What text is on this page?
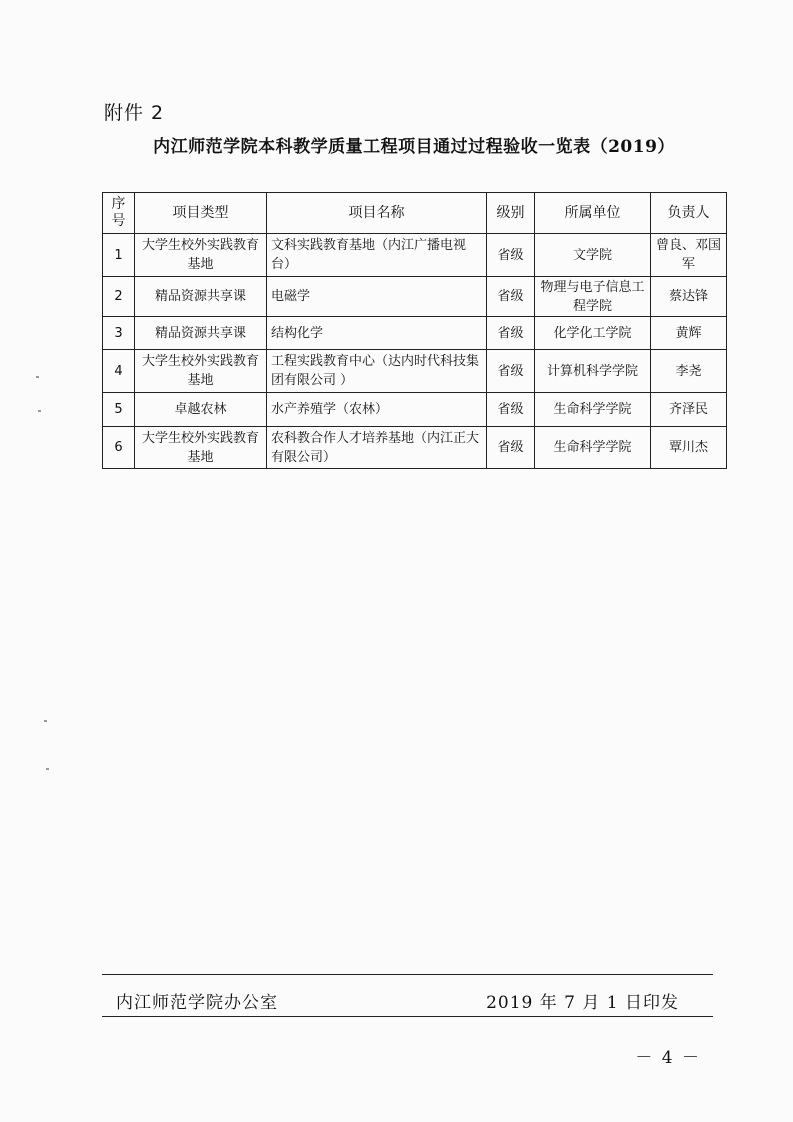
附件 2
内江师范学院本科教学质量工程项目通过过程验收一览表（2019）
序号	项目类型	项目名称	级别	所属单位	负责人
1	大学生校外实践教育基地	文科实践教育基地（内江广播电视台）	省级	文学院	曾良、邓国军
2	精品资源共享课	电磁学	省级	物理与电子信息工程学院	蔡达锋
3	精品资源共享课	结构化学	省级	化学化工学院	黄辉
4	大学生校外实践教育基地	工程实践教育中心（达内时代科技集团有限公司 ）	省级	计算机科学学院	李尧
5	卓越农林	水产养殖学（农林）	省级	生命科学学院	齐泽民
6	大学生校外实践教育基地	农科教合作人才培养基地（内江正大有限公司）	省级	生命科学学院	覃川杰
内江师范学院办公室	2019 年 7 月 1 日印发
－ 4 －
